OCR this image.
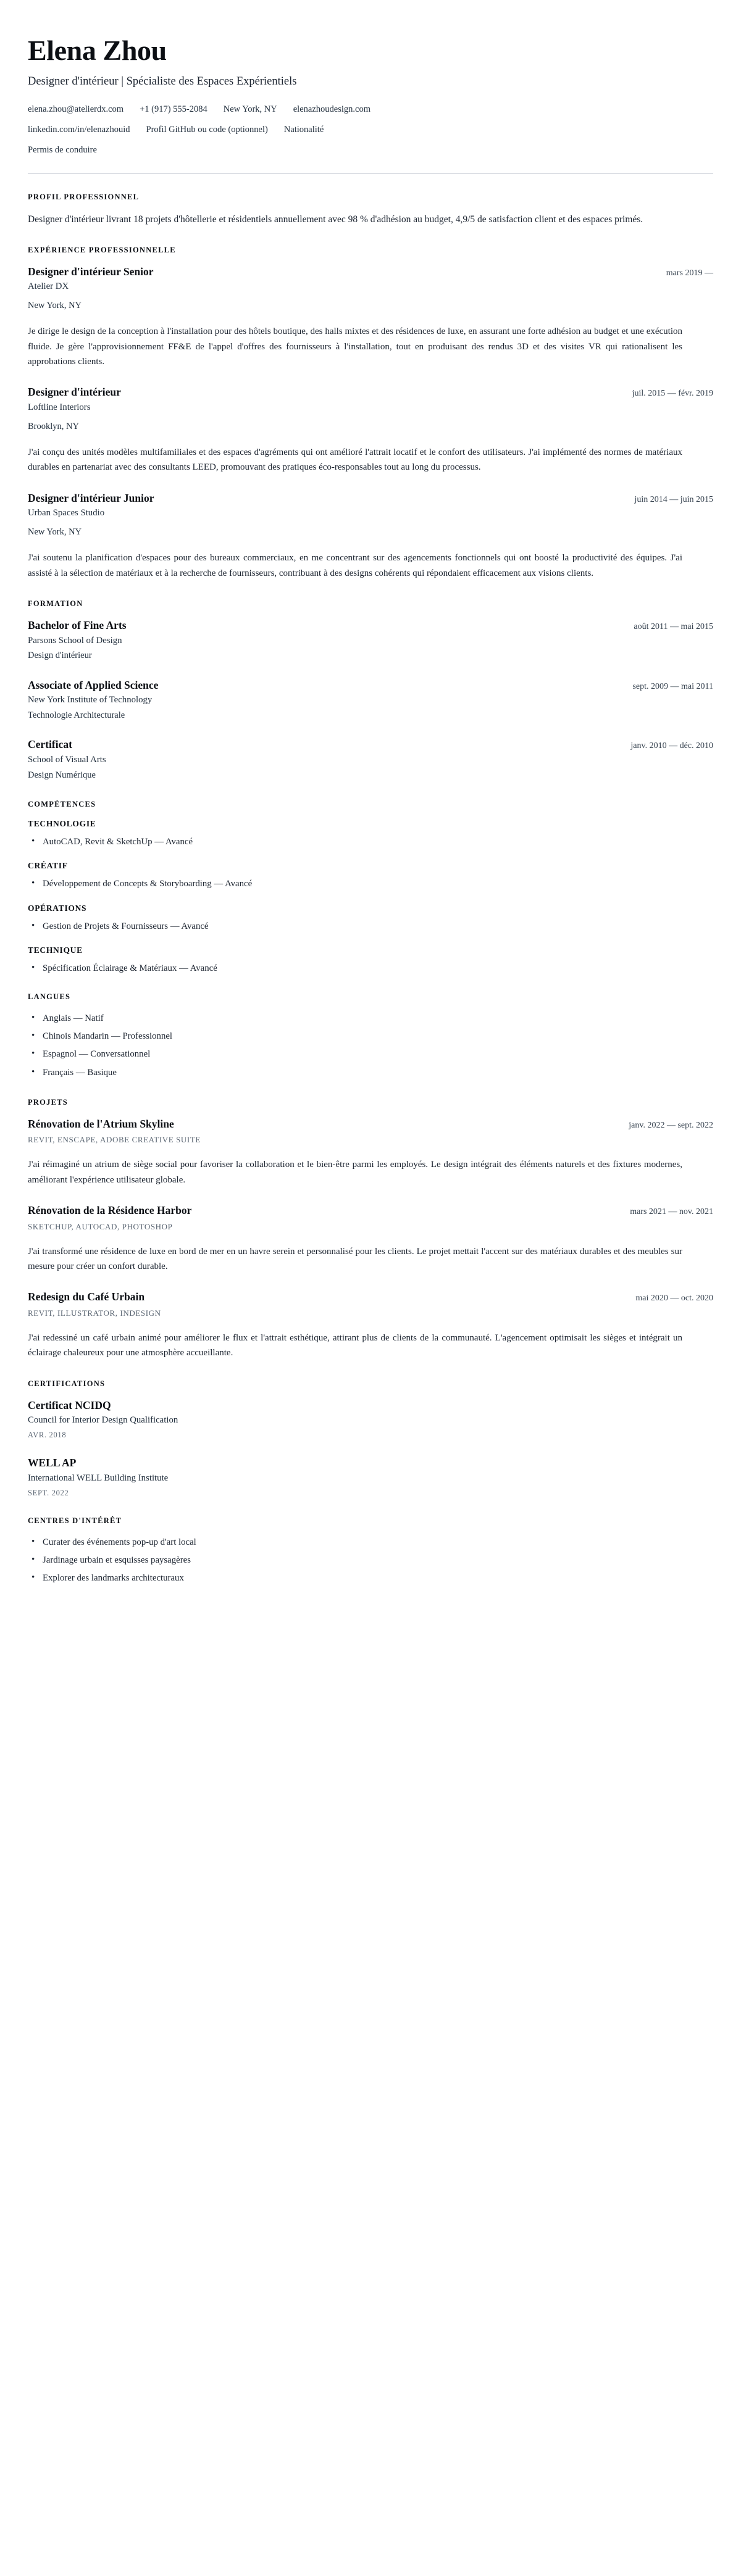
Elena Zhou
Designer d'intérieur | Spécialiste des Espaces Expérientiels
elena.zhou@atelierdx.com +1 (917) 555-2084 New York, NY elenazhoudesign.com
linkedin.com/in/elenazhouid Profil GitHub ou code (optionnel) Nationalité
Permis de conduire
PROFIL PROFESSIONNEL

Designer d'intérieur livrant 18 projets d'hôtellerie et résidentiels annuellement avec 98 % d'adhésion au budget, 4,9/5 de satisfaction client et des espaces primés.

EXPÉRIENCE PROFESSIONNELLE
Designer d'intérieur Senior	mars 2019 —
Atelier DX
New York, NY

Je dirige le design de la conception à l'installation pour des hôtels boutique, des halls mixtes et des résidences de luxe, en assurant une forte adhésion au budget et une exécution fluide. Je gère l'approvisionnement FF&E de l'appel d'offres des fournisseurs à l'installation, tout en produisant des rendus 3D et des visites VR qui rationalisent les approbations clients.

Designer d'intérieur	juil. 2015 — févr. 2019
Loftline Interiors
Brooklyn, NY

J'ai conçu des unités modèles multifamiliales et des espaces d'agréments qui ont amélioré l'attrait locatif et le confort des utilisateurs. J'ai implémenté des normes de matériaux durables en partenariat avec des consultants LEED, promouvant des pratiques éco-responsables tout au long du processus.

Designer d'intérieur Junior	juin 2014 — juin 2015
Urban Spaces Studio
New York, NY

J'ai soutenu la planification d'espaces pour des bureaux commerciaux, en me concentrant sur des agencements fonctionnels qui ont boosté la productivité des équipes. J'ai assisté à la sélection de matériaux et à la recherche de fournisseurs, contribuant à des designs cohérents qui répondaient efficacement aux visions clients.

FORMATION
Bachelor of Fine Arts	août 2011 — mai 2015
Parsons School of Design
Design d'intérieur
Associate of Applied Science	sept. 2009 — mai 2011
New York Institute of Technology
Technologie Architecturale
Certificat	janv. 2010 — déc. 2010
School of Visual Arts
Design Numérique
COMPÉTENCES
TECHNOLOGIE
• AutoCAD, Revit & SketchUp — Avancé
CRÉATIF
• Développement de Concepts & Storyboarding — Avancé
OPÉRATIONS
• Gestion de Projets & Fournisseurs — Avancé
TECHNIQUE
• Spécification Éclairage & Matériaux — Avancé
LANGUES
• Anglais — Natif
• Chinois Mandarin — Professionnel
• Espagnol — Conversationnel
• Français — Basique
PROJETS
Rénovation de l'Atrium Skyline	janv. 2022 — sept. 2022
REVIT, ENSCAPE, ADOBE CREATIVE SUITE

J'ai réimaginé un atrium de siège social pour favoriser la collaboration et le bien-être parmi les employés. Le design intégrait des éléments naturels et des fixtures modernes, améliorant l'expérience utilisateur globale.

Rénovation de la Résidence Harbor	mars 2021 — nov. 2021
SKETCHUP, AUTOCAD, PHOTOSHOP

J'ai transformé une résidence de luxe en bord de mer en un havre serein et personnalisé pour les clients. Le projet mettait l'accent sur des matériaux durables et des meubles sur mesure pour créer un confort durable.

Redesign du Café Urbain	mai 2020 — oct. 2020
REVIT, ILLUSTRATOR, INDESIGN

J'ai redessiné un café urbain animé pour améliorer le flux et l'attrait esthétique, attirant plus de clients de la communauté. L'agencement optimisait les sièges et intégrait un éclairage chaleureux pour une atmosphère accueillante.

CERTIFICATIONS
Certificat NCIDQ
Council for Interior Design Qualification
AVR. 2018
WELL AP
International WELL Building Institute
SEPT. 2022
CENTRES D'INTÉRÊT
• Curater des événements pop-up d'art local
• Jardinage urbain et esquisses paysagères
• Explorer des landmarks architecturaux
